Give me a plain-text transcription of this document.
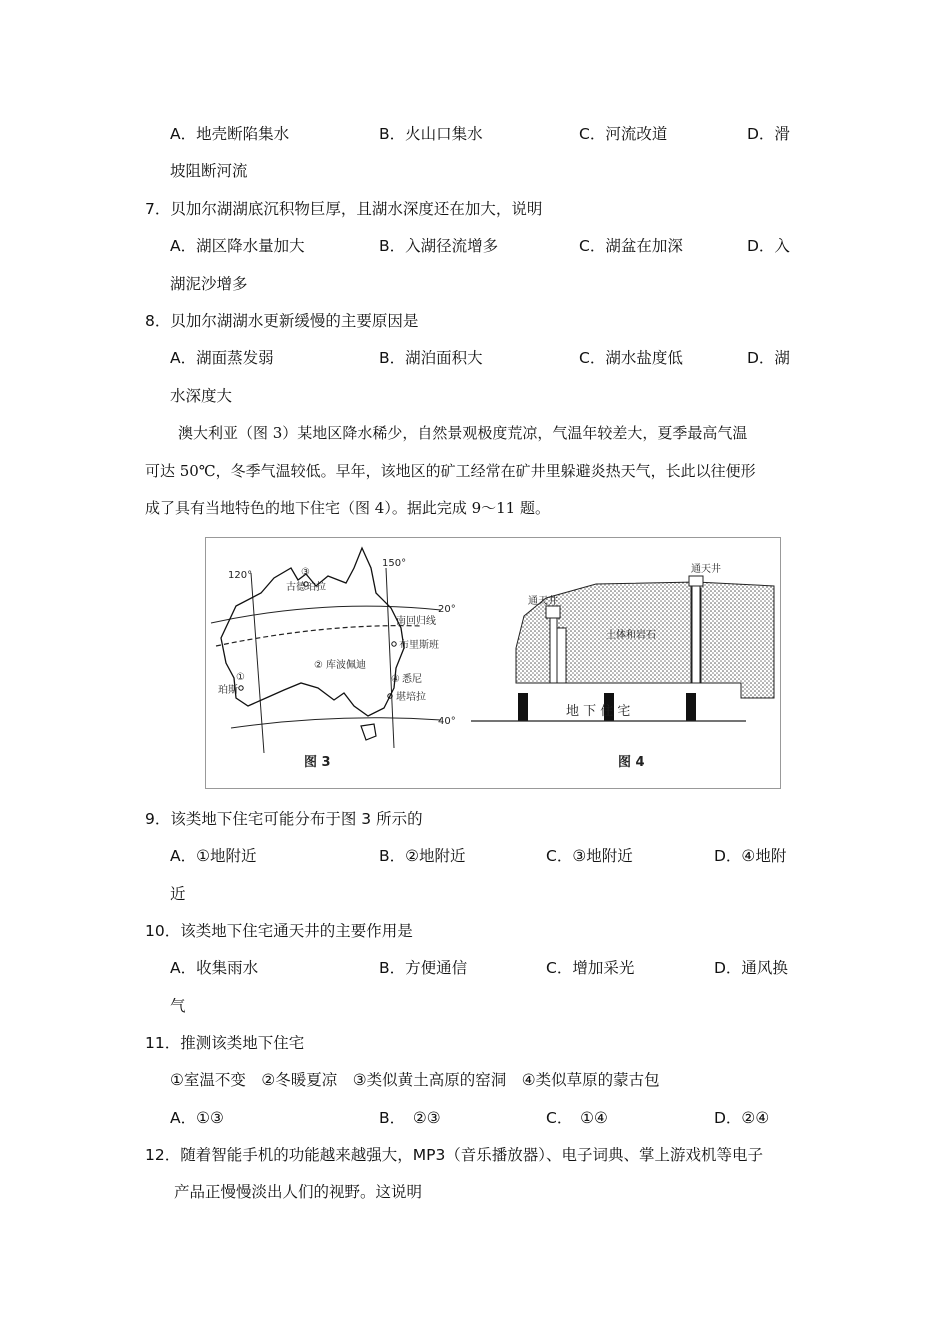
A．地壳断陷集水	B．火山口集水	C．河流改道	D．滑
坡阻断河流
7．贝加尔湖湖底沉积物巨厚，且湖水深度还在加大，说明
A．湖区降水量加大	B．入湖径流增多	C．湖盆在加深	D．入
湖泥沙增多
8．贝加尔湖湖水更新缓慢的主要原因是
A．湖面蒸发弱	B．湖泊面积大	C．湖水盐度低	D．湖
水深度大
澳大利亚（图 3）某地区降水稀少，自然景观极度荒凉，气温年较差大，夏季最高气温
可达 50℃，冬季气温较低。早年，该地区的矿工经常在矿井里躲避炎热天气，长此以往便形
成了具有当地特色的地下住宅（图 4）。据此完成 9～11 题。
120°
150°
20°
40°
南回归线
古德珀拉
③
② 库波佩迪
布里斯班
④ 悉尼
堪培拉
①
珀斯
图 3
通天井
通天井
土体和岩石
地 下 住 宅
图 4
9．该类地下住宅可能分布于图 3 所示的
A．①地附近	B．②地附近	C．③地附近	D．④地附
近
10．该类地下住宅通天井的主要作用是
A．收集雨水	B．方便通信	C．增加采光	D．通风换
气
11．推测该类地下住宅
①室温不变　②冬暖夏凉　③类似黄土高原的窑洞　④类似草原的蒙古包
A．①③	B．　②③	C．　①④	D．②④
12．随着智能手机的功能越来越强大，MP3（音乐播放器）、电子词典、掌上游戏机等电子
产品正慢慢淡出人们的视野。这说明
